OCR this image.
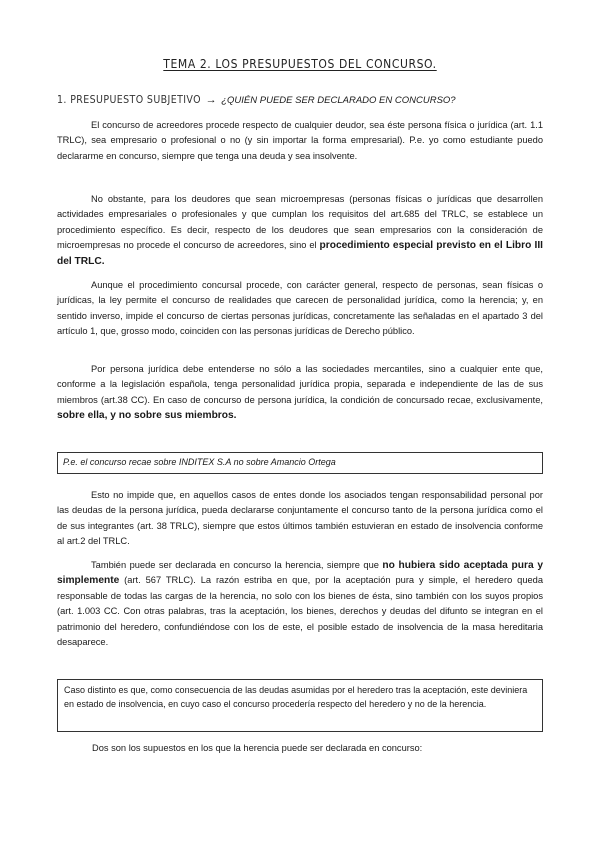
TEMA 2. LOS PRESUPUESTOS DEL CONCURSO.
1. PRESUPUESTO SUBJETIVO → ¿QUIÉN PUEDE SER DECLARADO EN CONCURSO?

El concurso de acreedores procede respecto de cualquier deudor, sea éste persona física o jurídica (art. 1.1 TRLC), sea empresario o profesional o no (y sin importar la forma empresarial). P.e. yo como estudiante puedo declararme en concurso, siempre que tenga una deuda y sea insolvente.

No obstante, para los deudores que sean microempresas (personas físicas o jurídicas que desarrollen actividades empresariales o profesionales y que cumplan los requisitos del art.685 del TRLC, se establece un procedimiento específico. Es decir, respecto de los deudores que sean empresarios con la consideración de microempresas no procede el concurso de acreedores, sino el procedimiento especial previsto en el Libro III del TRLC.

Aunque el procedimiento concursal procede, con carácter general, respecto de personas, sean físicas o jurídicas, la ley permite el concurso de realidades que carecen de personalidad jurídica, como la herencia; y, en sentido inverso, impide el concurso de ciertas personas jurídicas, concretamente las señaladas en el apartado 3 del artículo 1, que, grosso modo, coinciden con las personas jurídicas de Derecho público.

Por persona jurídica debe entenderse no sólo a las sociedades mercantiles, sino a cualquier ente que, conforme a la legislación española, tenga personalidad jurídica propia, separada e independiente de las de sus miembros (art.38 CC). En caso de concurso de persona jurídica, la condición de concursado recae, exclusivamente, sobre ella, y no sobre sus miembros.

P.e. el concurso recae sobre INDITEX S.A no sobre Amancio Ortega

Esto no impide que, en aquellos casos de entes donde los asociados tengan responsabilidad personal por las deudas de la persona jurídica, pueda declararse conjuntamente el concurso tanto de la persona jurídica como el de sus integrantes (art. 38 TRLC), siempre que estos últimos también estuvieran en estado de insolvencia conforme al art.2 del TRLC.

También puede ser declarada en concurso la herencia, siempre que no hubiera sido aceptada pura y simplemente (art. 567 TRLC). La razón estriba en que, por la aceptación pura y simple, el heredero queda responsable de todas las cargas de la herencia, no solo con los bienes de ésta, sino también con los suyos propios (art. 1.003 CC. Con otras palabras, tras la aceptación, los bienes, derechos y deudas del difunto se integran en el patrimonio del heredero, confundiéndose con los de este, el posible estado de insolvencia de la masa hereditaria desaparece.

Caso distinto es que, como consecuencia de las deudas asumidas por el heredero tras la aceptación, este deviniera en estado de insolvencia, en cuyo caso el concurso procedería respecto del heredero y no de la herencia.
Dos son los supuestos en los que la herencia puede ser declarada en concurso:
